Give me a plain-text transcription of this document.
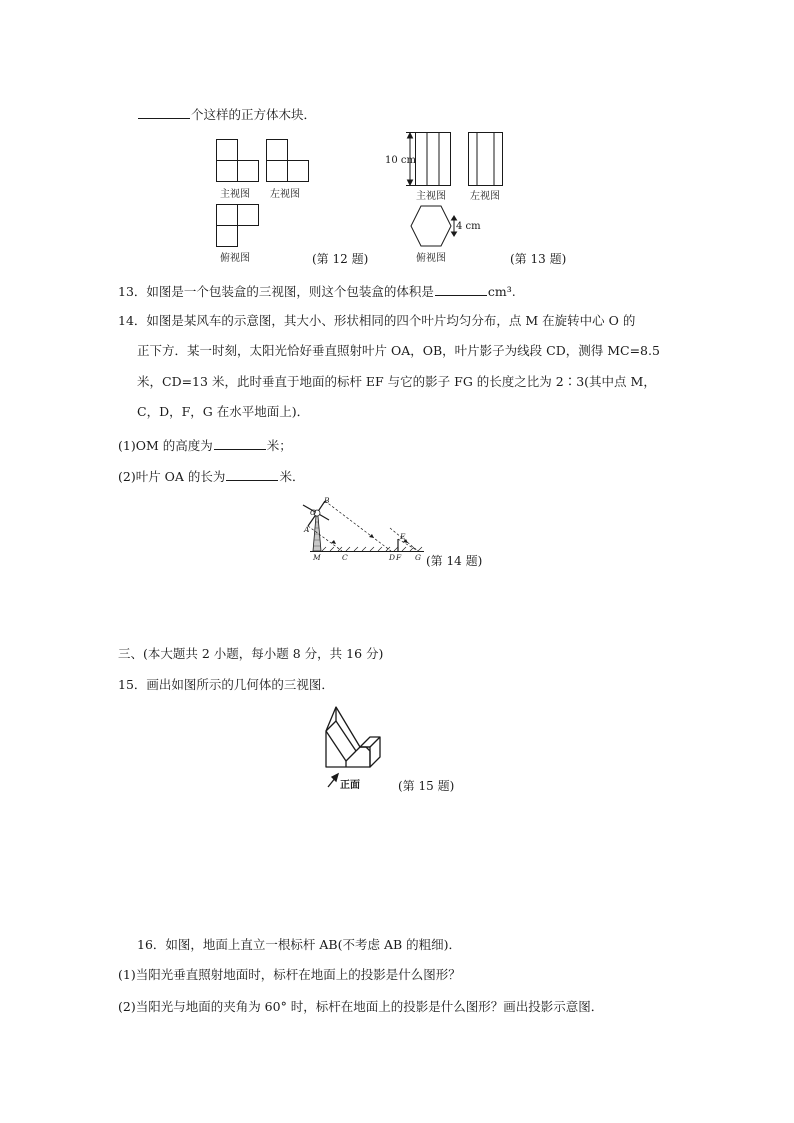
个这样的正方体木块．
主视图 左视图
俯视图	(第 12 题)
10 cm
主视图 左视图
4 cm
俯视图	(第 13 题)
13．如图是一个包装盒的三视图，则这个包装盒的体积是	cm³.
14．如图是某风车的示意图，其大小、形状相同的四个叶片均匀分布，点 M 在旋转中心 O 的
正下方．某一时刻，太阳光恰好垂直照射叶片 OA，OB，叶片影子为线段 CD，测得 MC=8.5
米，CD=13 米，此时垂直于地面的标杆 EF 与它的影子 FG 的长度之比为 2∶3(其中点 M，
C，D，F，G 在水平地面上)．
(1)OM 的高度为	米；
(2)叶片 OA 的长为	米．
B
O
A
M	C
E
D F G (第 14 题)
三、(本大题共 2 小题，每小题 8 分，共 16 分)
15．画出如图所示的几何体的三视图．
正面	(第 15 题)
16．如图，地面上直立一根标杆 AB(不考虑 AB 的粗细)．
(1)当阳光垂直照射地面时，标杆在地面上的投影是什么图形？
(2)当阳光与地面的夹角为 60° 时，标杆在地面上的投影是什么图形？画出投影示意图．
